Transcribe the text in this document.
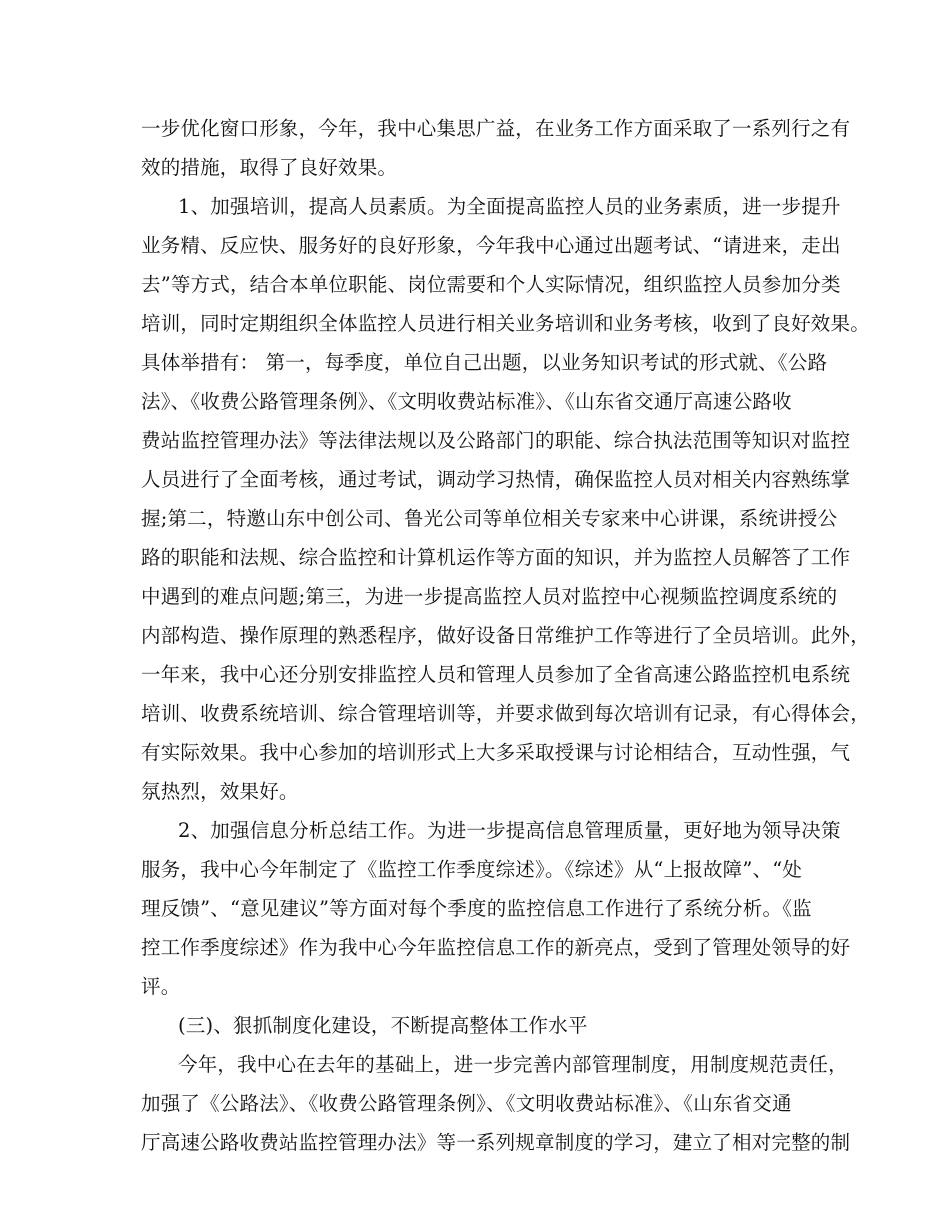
一步优化窗口形象，今年，我中心集思广益，在业务工作方面采取了一系列行之有
效的措施，取得了良好效果。
1、加强培训，提高人员素质。为全面提高监控人员的业务素质，进一步提升
业务精、反应快、服务好的良好形象，今年我中心通过出题考试、“请进来，走出
去”等方式，结合本单位职能、岗位需要和个人实际情况，组织监控人员参加分类
培训，同时定期组织全体监控人员进行相关业务培训和业务考核，收到了良好效果。
具体举措有： 第一，每季度，单位自己出题，以业务知识考试的形式就、《公路
法》、《收费公路管理条例》、《文明收费站标准》、《山东省交通厅高速公路收
费站监控管理办法》等法律法规以及公路部门的职能、综合执法范围等知识对监控
人员进行了全面考核，通过考试，调动学习热情，确保监控人员对相关内容熟练掌
握;第二，特邀山东中创公司、鲁光公司等单位相关专家来中心讲课，系统讲授公
路的职能和法规、综合监控和计算机运作等方面的知识，并为监控人员解答了工作
中遇到的难点问题;第三，为进一步提高监控人员对监控中心视频监控调度系统的
内部构造、操作原理的熟悉程序，做好设备日常维护工作等进行了全员培训。此外，
一年来，我中心还分别安排监控人员和管理人员参加了全省高速公路监控机电系统
培训、收费系统培训、综合管理培训等，并要求做到每次培训有记录，有心得体会，
有实际效果。我中心参加的培训形式上大多采取授课与讨论相结合，互动性强，气
氛热烈，效果好。
2、加强信息分析总结工作。为进一步提高信息管理质量，更好地为领导决策
服务，我中心今年制定了《监控工作季度综述》。《综述》从“上报故障”、“处
理反馈”、“意见建议”等方面对每个季度的监控信息工作进行了系统分析。《监
控工作季度综述》作为我中心今年监控信息工作的新亮点，受到了管理处领导的好
评。
(三)、狠抓制度化建设，不断提高整体工作水平
今年，我中心在去年的基础上，进一步完善内部管理制度，用制度规范责任，
加强了《公路法》、《收费公路管理条例》、《文明收费站标准》、《山东省交通
厅高速公路收费站监控管理办法》等一系列规章制度的学习，建立了相对完整的制
